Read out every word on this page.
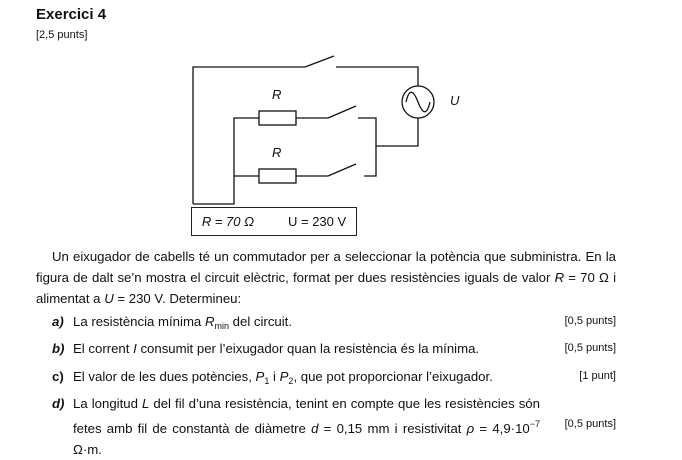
Exercici 4
[2,5 punts]
R
R
U
R = 70 Ω	U = 230 V
Un eixugador de cabells té un commutador per a seleccionar la potència que subministra. En la figura de dalt se’n mostra el circuit elèctric, format per dues resistències iguals de valor R = 70 Ω i alimentat a U = 230 V. Determineu:
a) La resistència mínima $R_{min}$ del circuit.	[0,5 punts]
b) El corrent I consumit per l’eixugador quan la resistència és la mínima.	[0,5 punts]
c) El valor de les dues potències, $P_1$ i $P_2$, que pot proporcionar l’eixugador.	[1 punt]
d) La longitud L del fil d’una resistència, tenint en compte que les resistències són fetes amb fil de constantà de diàmetre d = 0,15 mm i resistivitat $\rho = 4,9\cdot 10^{-7}$ Ω·m.
[0,5 punts]
